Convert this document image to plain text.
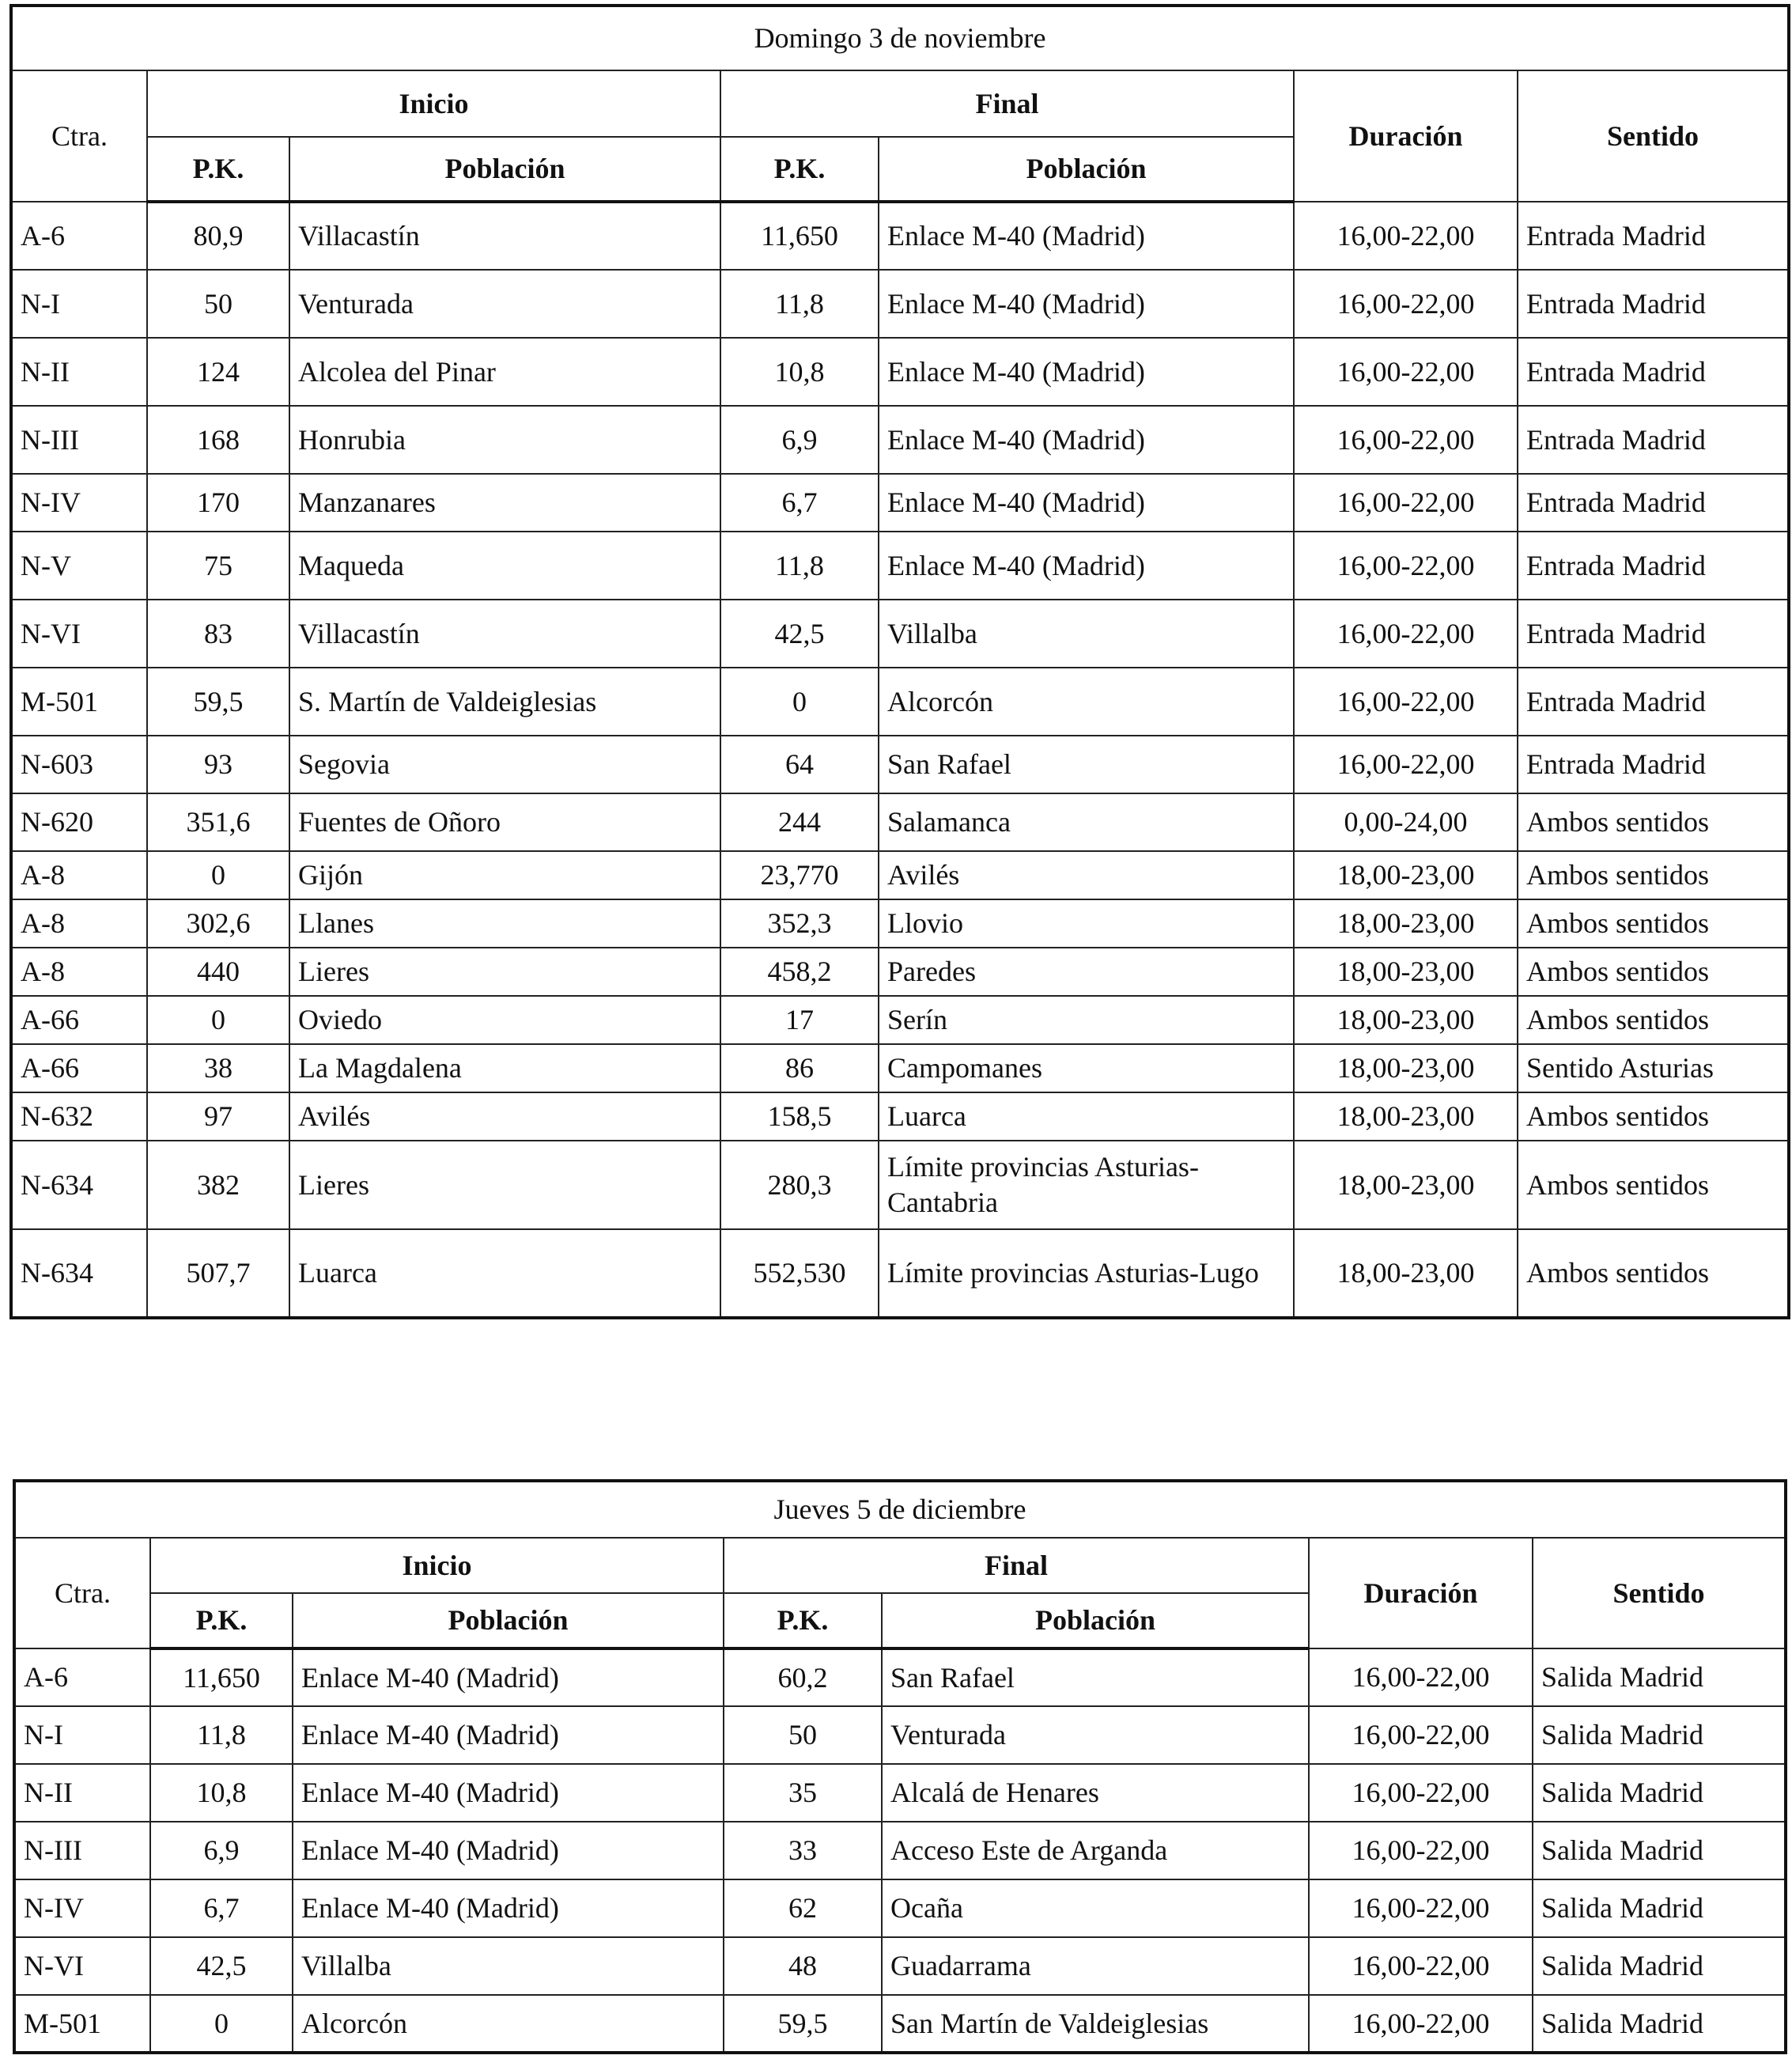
Domingo 3 de noviembre						
Ctra.	Inicio		Final		Duración	Sentido
	P.K.	Población	P.K.	Población		
A-6	80,9	Villacastín	11,650	Enlace M-40 (Madrid)	16,00-22,00	Entrada Madrid
N-I	50	Venturada	11,8	Enlace M-40 (Madrid)	16,00-22,00	Entrada Madrid
N-II	124	Alcolea del Pinar	10,8	Enlace M-40 (Madrid)	16,00-22,00	Entrada Madrid
N-III	168	Honrubia	6,9	Enlace M-40 (Madrid)	16,00-22,00	Entrada Madrid
N-IV	170	Manzanares	6,7	Enlace M-40 (Madrid)	16,00-22,00	Entrada Madrid
N-V	75	Maqueda	11,8	Enlace M-40 (Madrid)	16,00-22,00	Entrada Madrid
N-VI	83	Villacastín	42,5	Villalba	16,00-22,00	Entrada Madrid
M-501	59,5	S. Martín de Valdeiglesias	0	Alcorcón	16,00-22,00	Entrada Madrid
N-603	93	Segovia	64	San Rafael	16,00-22,00	Entrada Madrid
N-620	351,6	Fuentes de Oñoro	244	Salamanca	0,00-24,00	Ambos sentidos
A-8	0	Gijón	23,770	Avilés	18,00-23,00	Ambos sentidos
A-8	302,6	Llanes	352,3	Llovio	18,00-23,00	Ambos sentidos
A-8	440	Lieres	458,2	Paredes	18,00-23,00	Ambos sentidos
A-66	0	Oviedo	17	Serín	18,00-23,00	Ambos sentidos
A-66	38	La Magdalena	86	Campomanes	18,00-23,00	Sentido Asturias
N-632	97	Avilés	158,5	Luarca	18,00-23,00	Ambos sentidos
N-634	382	Lieres	280,3	Límite provincias Asturias-Cantabria	18,00-23,00	Ambos sentidos
N-634	507,7	Luarca	552,530	Límite provincias Asturias-Lugo	18,00-23,00	Ambos sentidos
Jueves 5 de diciembre						
Ctra.	Inicio		Final		Duración	Sentido
	P.K.	Población	P.K.	Población		
A-6	11,650	Enlace M-40 (Madrid)	60,2	San Rafael	16,00-22,00	Salida Madrid
N-I	11,8	Enlace M-40 (Madrid)	50	Venturada	16,00-22,00	Salida Madrid
N-II	10,8	Enlace M-40 (Madrid)	35	Alcalá de Henares	16,00-22,00	Salida Madrid
N-III	6,9	Enlace M-40 (Madrid)	33	Acceso Este de Arganda	16,00-22,00	Salida Madrid
N-IV	6,7	Enlace M-40 (Madrid)	62	Ocaña	16,00-22,00	Salida Madrid
N-VI	42,5	Villalba	48	Guadarrama	16,00-22,00	Salida Madrid
M-501	0	Alcorcón	59,5	San Martín de Valdeiglesias	16,00-22,00	Salida Madrid
